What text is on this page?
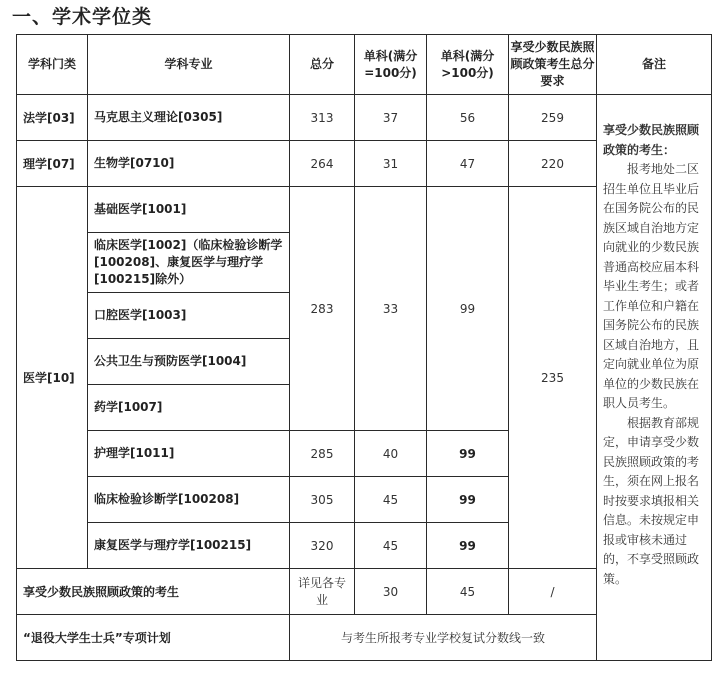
一、学术学位类
学科门类	学科专业	总分	单科(满分=100分)	单科(满分>100分)	享受少数民族照顾政策考生总分要求	备注
法学[03]	马克思主义理论[0305]	313	37	56	259	享受少数民族照顾政策的考生：
报考地处二区招生单位且毕业后在国务院公布的民族区域自治地方定向就业的少数民族普通高校应届本科毕业生考生；或者工作单位和户籍在国务院公布的民族区域自治地方，且定向就业单位为原单位的少数民族在职人员考生。
根据教育部规定，申请享受少数民族照顾政策的考生，须在网上报名时按要求填报相关信息。未按规定申报或审核未通过的，不享受照顾政策。

理学[07]	生物学[0710]	264	31	47	220	
医学[10]	基础医学[1001]	283	33	99	235	
	临床医学[1002]（临床检验诊断学[100208]、康复医学与理疗学[100215]除外）					
	口腔医学[1003]					
	公共卫生与预防医学[1004]					
	药学[1007]					
	护理学[1011]	285	40	99		
	临床检验诊断学[100208]	305	45	99		
	康复医学与理疗学[100215]	320	45	99		
享受少数民族照顾政策的考生		详见各专业	30	45	/	
“退役大学生士兵”专项计划		与考生所报考专业学校复试分数线一致				
